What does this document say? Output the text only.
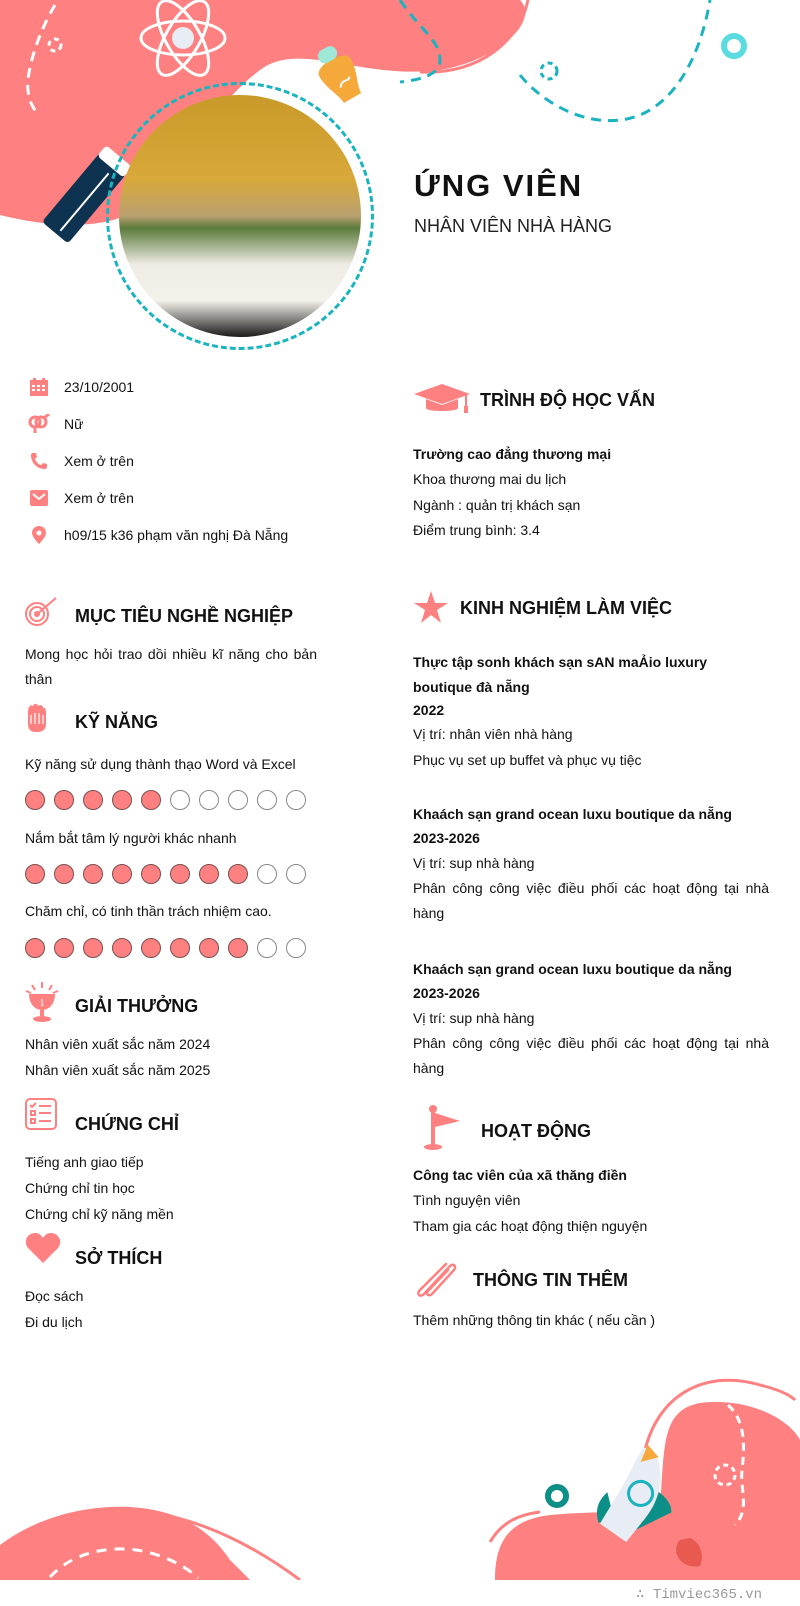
ỨNG VIÊN
NHÂN VIÊN NHÀ HÀNG
23/10/2001
Nữ
Xem ở trên
Xem ở trên
h09/15 k36 phạm văn nghị Đà Nẵng
MỤC TIÊU NGHỀ NGHIỆP
Mong học hỏi trao dồi nhiều kĩ năng cho bản thân
KỸ NĂNG
Kỹ năng sử dụng thành thạo Word và Excel
Nắm bắt tâm lý người khác nhanh
Chăm chỉ, có tinh thần trách nhiệm cao.
1 GIẢI THƯỞNG
Nhân viên xuất sắc năm 2024
Nhân viên xuất sắc năm 2025
CHỨNG CHỈ
Tiếng anh giao tiếp
Chứng chỉ tin học
Chứng chỉ kỹ năng mền
SỞ THÍCH
Đọc sách
Đi du lịch
TRÌNH ĐỘ HỌC VẤN
Trường cao đẳng thương mại
Khoa thương mai du lịch
Ngành : quản trị khách sạn
Điểm trung bình: 3.4
KINH NGHIỆM LÀM VIỆC
Thực tập sonh khách sạn sAN maẢio luxury boutique đà nẵng
2022
Vị trí: nhân viên nhà hàng
Phục vụ set up buffet và phục vụ tiệc
Khaách sạn grand ocean luxu boutique da nẵng
2023-2026
Vị trí: sup nhà hàng
Phân công công việc điều phối các hoạt động tại nhà hàng
Khaách sạn grand ocean luxu boutique da nẵng
2023-2026
Vị trí: sup nhà hàng
Phân công công việc điều phối các hoạt động tại nhà hàng
HOẠT ĐỘNG
Công tac viên của xã thăng điền
Tình nguyện viên
Tham gia các hoạt động thiện nguyện
THÔNG TIN THÊM
Thêm những thông tin khác ( nếu cần )
∴ Timviec365.vn
